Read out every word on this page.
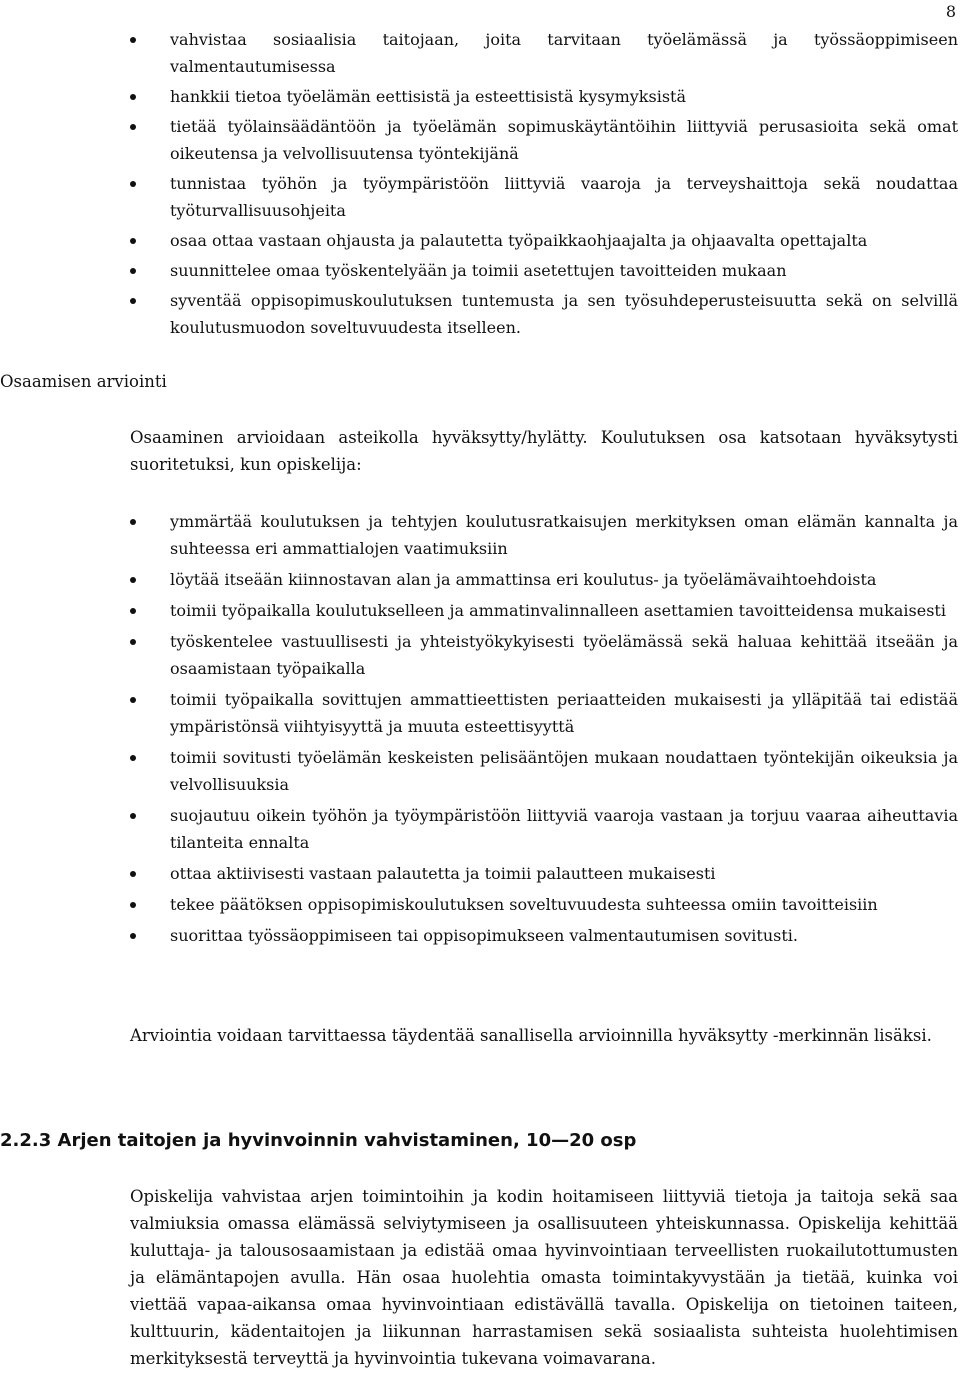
8
vahvistaa sosiaalisia taitojaan, joita tarvitaan työelämässä ja työssäoppimiseen valmentautumisessa
hankkii tietoa työelämän eettisistä ja esteettisistä kysymyksistä
tietää työlainsäädäntöön ja työelämän sopimuskäytäntöihin liittyviä perusasioita sekä omat oikeutensa ja velvollisuutensa työntekijänä
tunnistaa työhön ja työympäristöön liittyviä vaaroja ja terveyshaittoja sekä noudattaa työturvallisuusohjeita
osaa ottaa vastaan ohjausta ja palautetta työpaikkaohjaajalta ja ohjaavalta opettajalta
suunnittelee omaa työskentelyään ja toimii asetettujen tavoitteiden mukaan
syventää oppisopimuskoulutuksen tuntemusta ja sen työsuhdeperusteisuutta sekä on selvillä koulutusmuodon soveltuvuudesta itselleen.
Osaamisen arviointi

Osaaminen arvioidaan asteikolla hyväksytty/hylätty. Koulutuksen osa katsotaan hyväksytysti suoritetuksi, kun opiskelija:

ymmärtää koulutuksen ja tehtyjen koulutusratkaisujen merkityksen oman elämän kannalta ja suhteessa eri ammattialojen vaatimuksiin
löytää itseään kiinnostavan alan ja ammattinsa eri koulutus- ja työelämävaihtoehdoista
toimii työpaikalla koulutukselleen ja ammatinvalinnalleen asettamien tavoitteidensa mukaisesti
työskentelee vastuullisesti ja yhteistyökykyisesti työelämässä sekä haluaa kehittää itseään ja osaamistaan työpaikalla
toimii työpaikalla sovittujen ammattieettisten periaatteiden mukaisesti ja ylläpitää tai edistää ympäristönsä viihtyisyyttä ja muuta esteettisyyttä
toimii sovitusti työelämän keskeisten pelisääntöjen mukaan noudattaen työntekijän oikeuksia ja velvollisuuksia
suojautuu oikein työhön ja työympäristöön liittyviä vaaroja vastaan ja torjuu vaaraa aiheuttavia tilanteita ennalta
ottaa aktiivisesti vastaan palautetta ja toimii palautteen mukaisesti
tekee päätöksen oppisopimiskoulutuksen soveltuvuudesta suhteessa omiin tavoitteisiin
suorittaa työssäoppimiseen tai oppisopimukseen valmentautumisen sovitusti.

Arviointia voidaan tarvittaessa täydentää sanallisella arvioinnilla hyväksytty -merkinnän lisäksi.

2.2.3 Arjen taitojen ja hyvinvoinnin vahvistaminen, 10—20 osp

Opiskelija vahvistaa arjen toimintoihin ja kodin hoitamiseen liittyviä tietoja ja taitoja sekä saa valmiuksia omassa elämässä selviytymiseen ja osallisuuteen yhteiskunnassa. Opiskelija kehittää kuluttaja- ja talousosaamistaan ja edistää omaa hyvinvointiaan terveellisten ruokailutottumusten ja elämäntapojen avulla. Hän osaa huolehtia omasta toimintakyvystään ja tietää, kuinka voi viettää vapaa-aikansa omaa hyvinvointiaan edistävällä tavalla. Opiskelija on tietoinen taiteen, kulttuurin, kädentaitojen ja liikunnan harrastamisen sekä sosiaalista suhteista huolehtimisen merkityksestä terveyttä ja hyvinvointia tukevana voimavarana.
